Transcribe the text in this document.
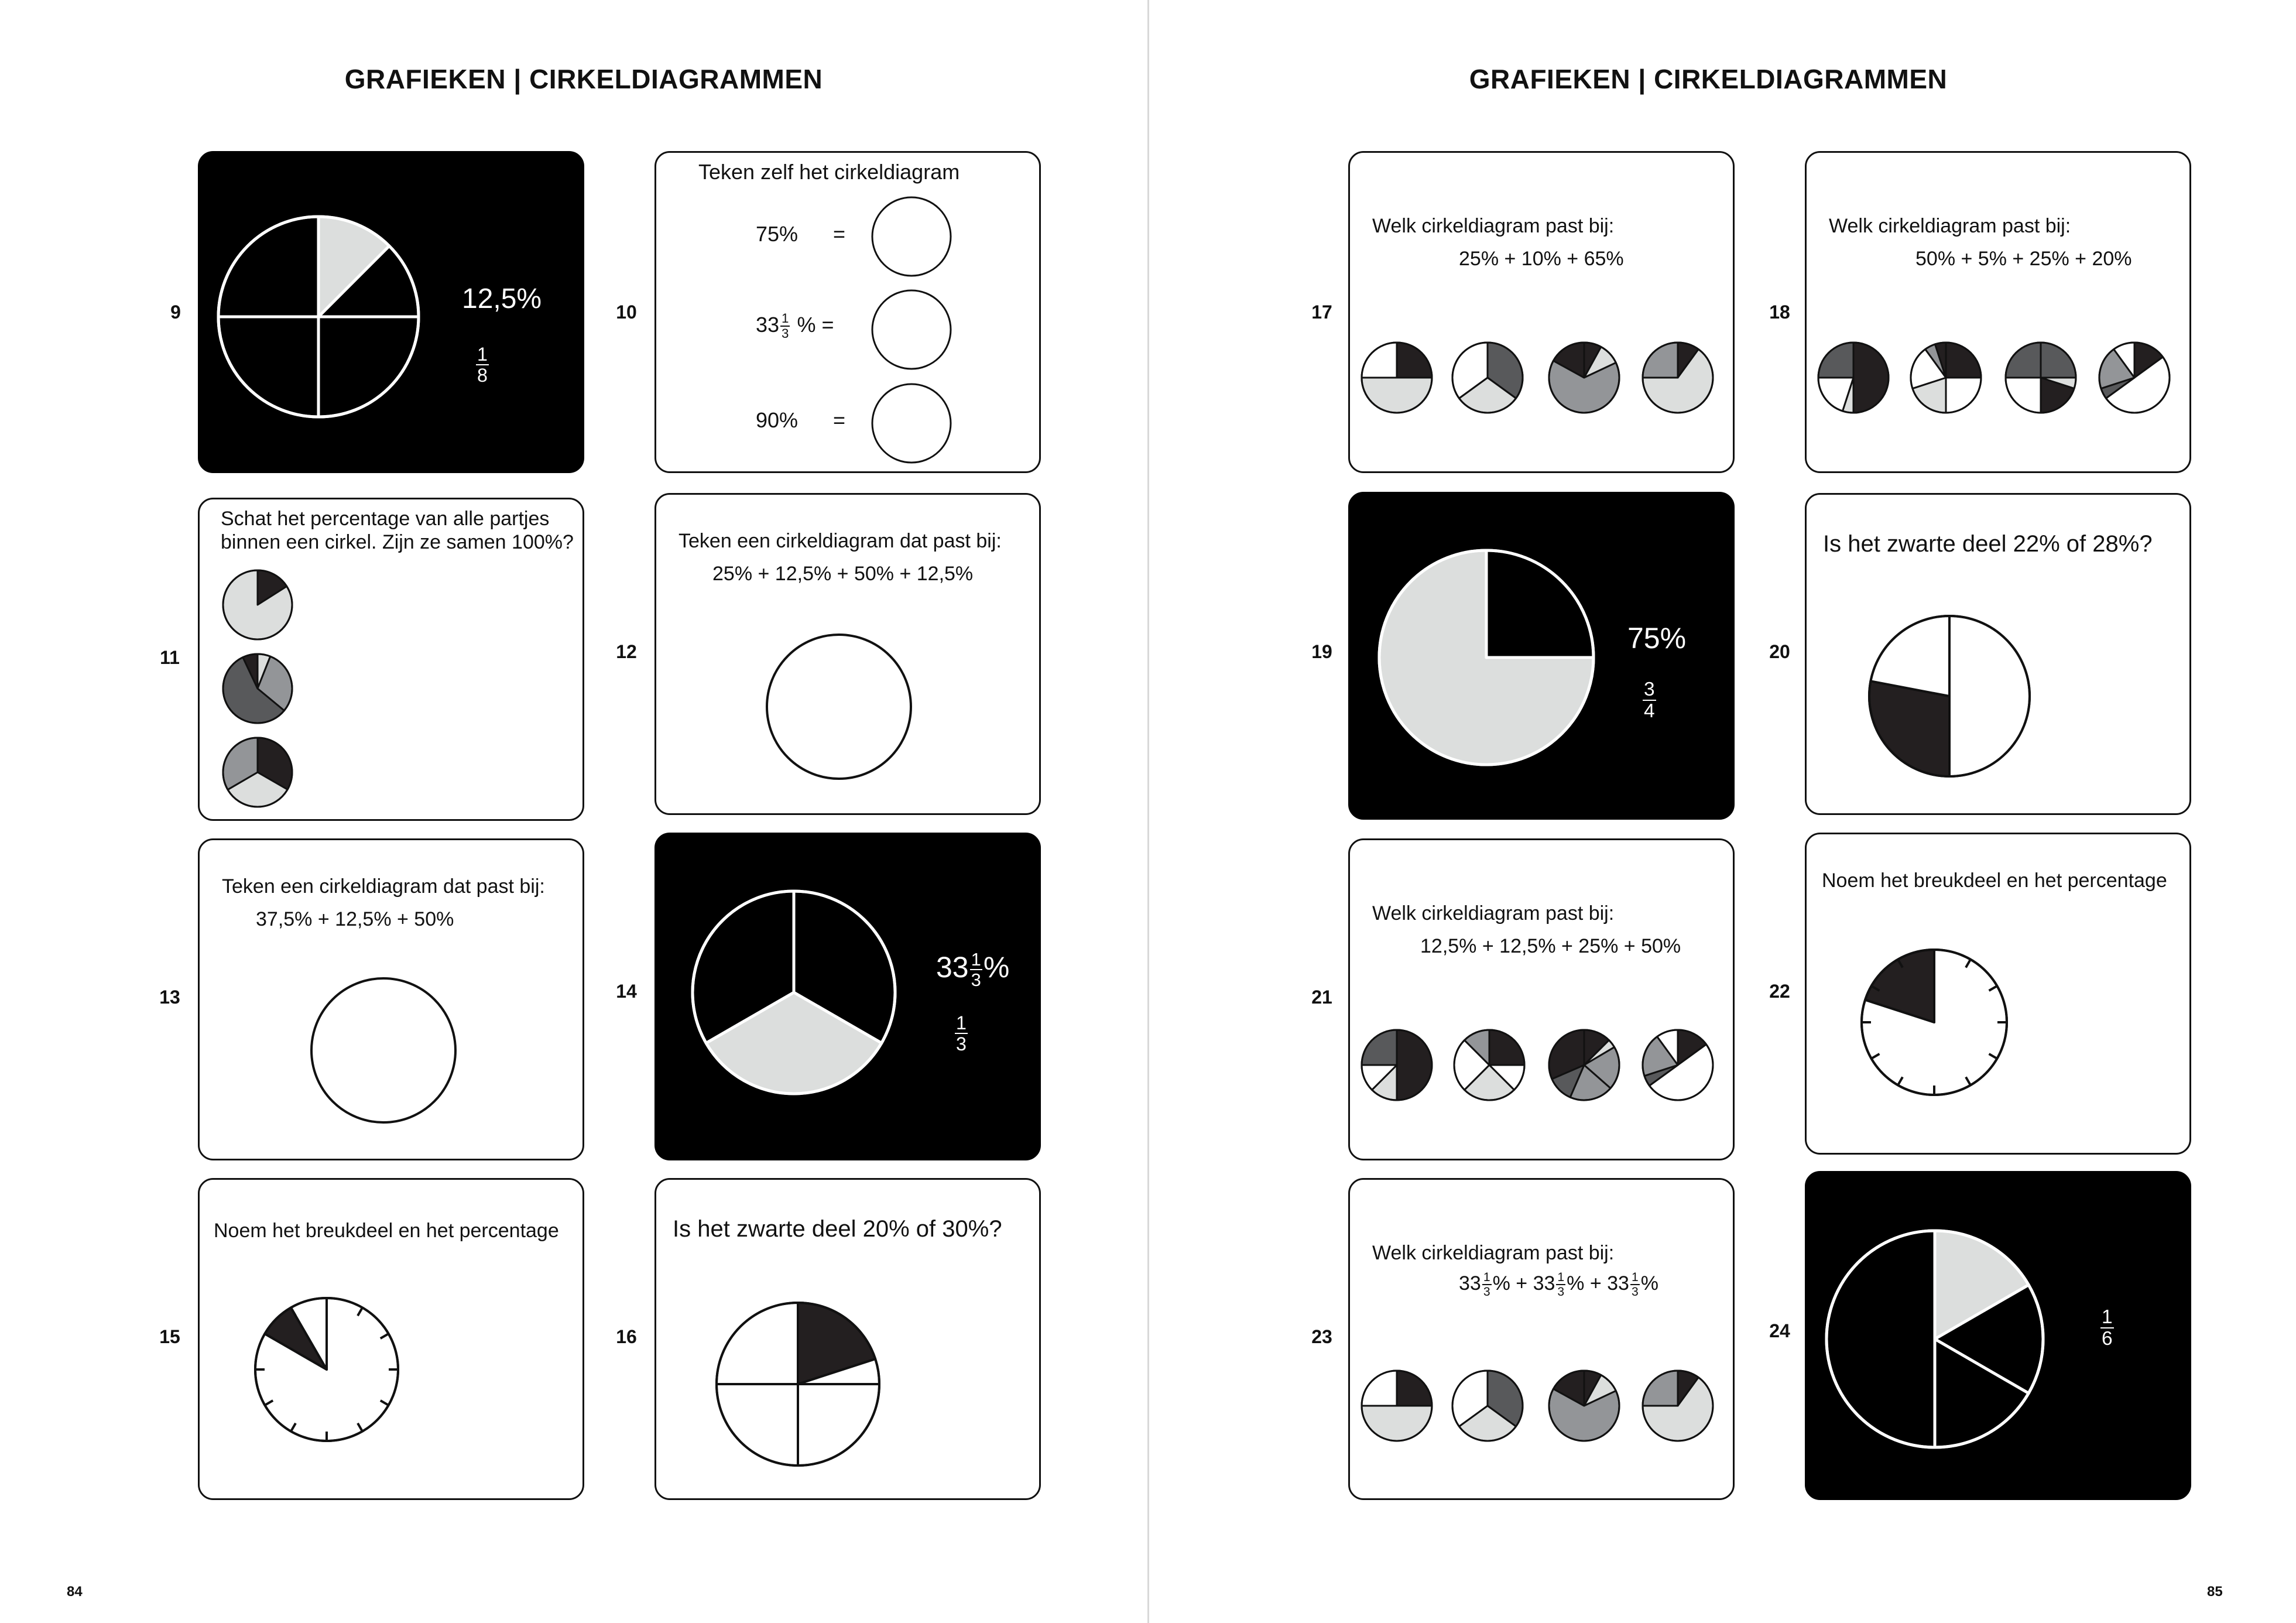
GRAFIEKEN | CIRKELDIAGRAMMEN
84
GRAFIEKEN | CIRKELDIAGRAMMEN
85
9	10
11	12
13	14
15	16
17	18
19	20
21	22
23	24
12,5%
$\frac{1}{8}$
Teken zelf het cirkeldiagram
75% =
$33 \frac{1}{3}$ % =
90% =
Schat het percentage van alle partjes
binnen een cirkel. Zijn ze samen 100%?	Teken een cirkeldiagram dat past bij:
25% + 12,5% + 50% + 12,5%
Teken een cirkeldiagram dat past bij:
37,5% + 12,5% + 50%
$33 \frac{1}{3}$ %
$\frac{1}{3}$
Noem het breukdeel en het percentage	Is het zwarte deel 20% of 30%?
Welk cirkeldiagram past bij:
25% + 10% + 65%
Welk cirkeldiagram past bij:
50% + 5% + 25% + 20%
75%
$\frac{3}{4}$
Is het zwarte deel 22% of 28%?
Welk cirkeldiagram past bij:
12,5% + 12,5% + 25% + 50%
Noem het breukdeel en het percentage
Welk cirkeldiagram past bij:
$33 \frac{1}{3}$ % + $33 \frac{1}{3}$ % + $33 \frac{1}{3}$ %
$\frac{1}{6}$
